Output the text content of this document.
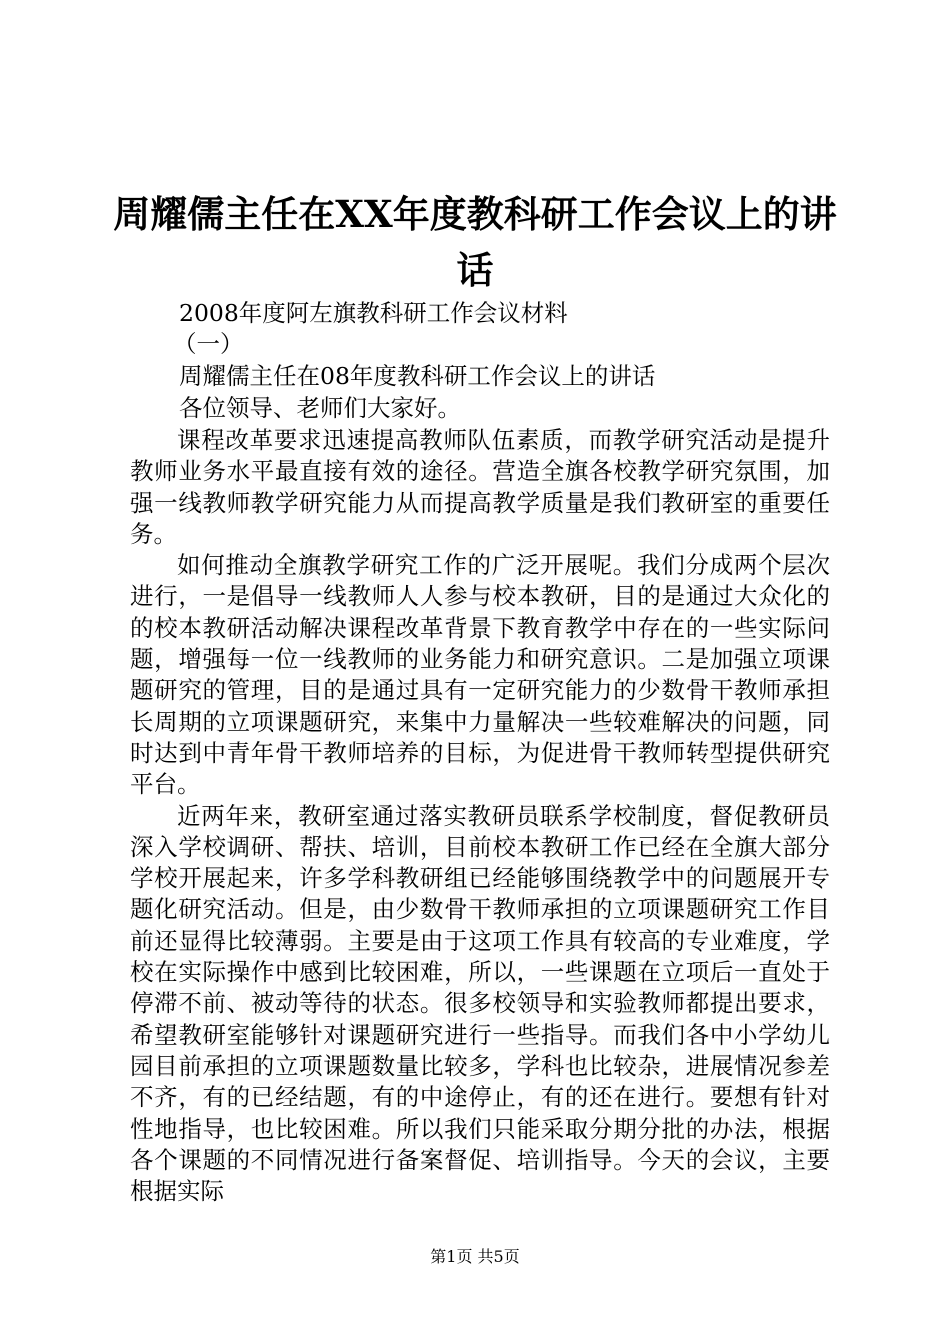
周耀儒主任在XX年度教科研工作会议上的讲话

2008年度阿左旗教科研工作会议材料

（一）

周耀儒主任在08年度教科研工作会议上的讲话

各位领导、老师们大家好。

课程改革要求迅速提高教师队伍素质，而教学研究活动是提升教师业务水平最直接有效的途径。营造全旗各校教学研究氛围，加强一线教师教学研究能力从而提高教学质量是我们教研室的重要任务。

如何推动全旗教学研究工作的广泛开展呢。我们分成两个层次进行，一是倡导一线教师人人参与校本教研，目的是通过大众化的的校本教研活动解决课程改革背景下教育教学中存在的一些实际问题，增强每一位一线教师的业务能力和研究意识。二是加强立项课题研究的管理，目的是通过具有一定研究能力的少数骨干教师承担长周期的立项课题研究，来集中力量解决一些较难解决的问题，同时达到中青年骨干教师培养的目标，为促进骨干教师转型提供研究平台。

近两年来，教研室通过落实教研员联系学校制度，督促教研员深入学校调研、帮扶、培训，目前校本教研工作已经在全旗大部分学校开展起来，许多学科教研组已经能够围绕教学中的问题展开专题化研究活动。但是，由少数骨干教师承担的立项课题研究工作目前还显得比较薄弱。主要是由于这项工作具有较高的专业难度，学校在实际操作中感到比较困难，所以，一些课题在立项后一直处于停滞不前、被动等待的状态。很多校领导和实验教师都提出要求，希望教研室能够针对课题研究进行一些指导。而我们各中小学幼儿园目前承担的立项课题数量比较多，学科也比较杂，进展情况参差不齐，有的已经结题，有的中途停止，有的还在进行。要想有针对性地指导，也比较困难。所以我们只能采取分期分批的办法，根据各个课题的不同情况进行备案督促、培训指导。今天的会议，主要根据实际

第1页 共5页
